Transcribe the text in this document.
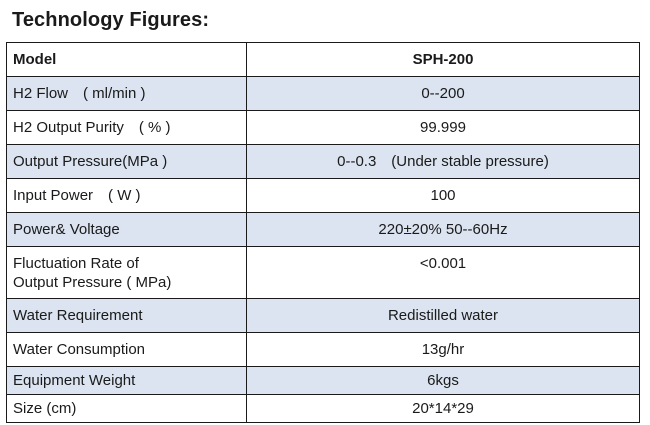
Technology Figures:
Model	SPH-200
H2 Flow　( ml/min )	0--200
H2 Output Purity　( % )	99.999
Output Pressure(MPa )	0--0.3　(Under stable pressure)
Input Power　( W )	100
Power& Voltage	220±20% 50--60Hz

Fluctuation Rate of
Output Pressure ( MPa)	<0.001
Water Requirement	Redistilled water
Water Consumption	13g/hr
Equipment Weight	6kgs
Size (cm)	20*14*29
